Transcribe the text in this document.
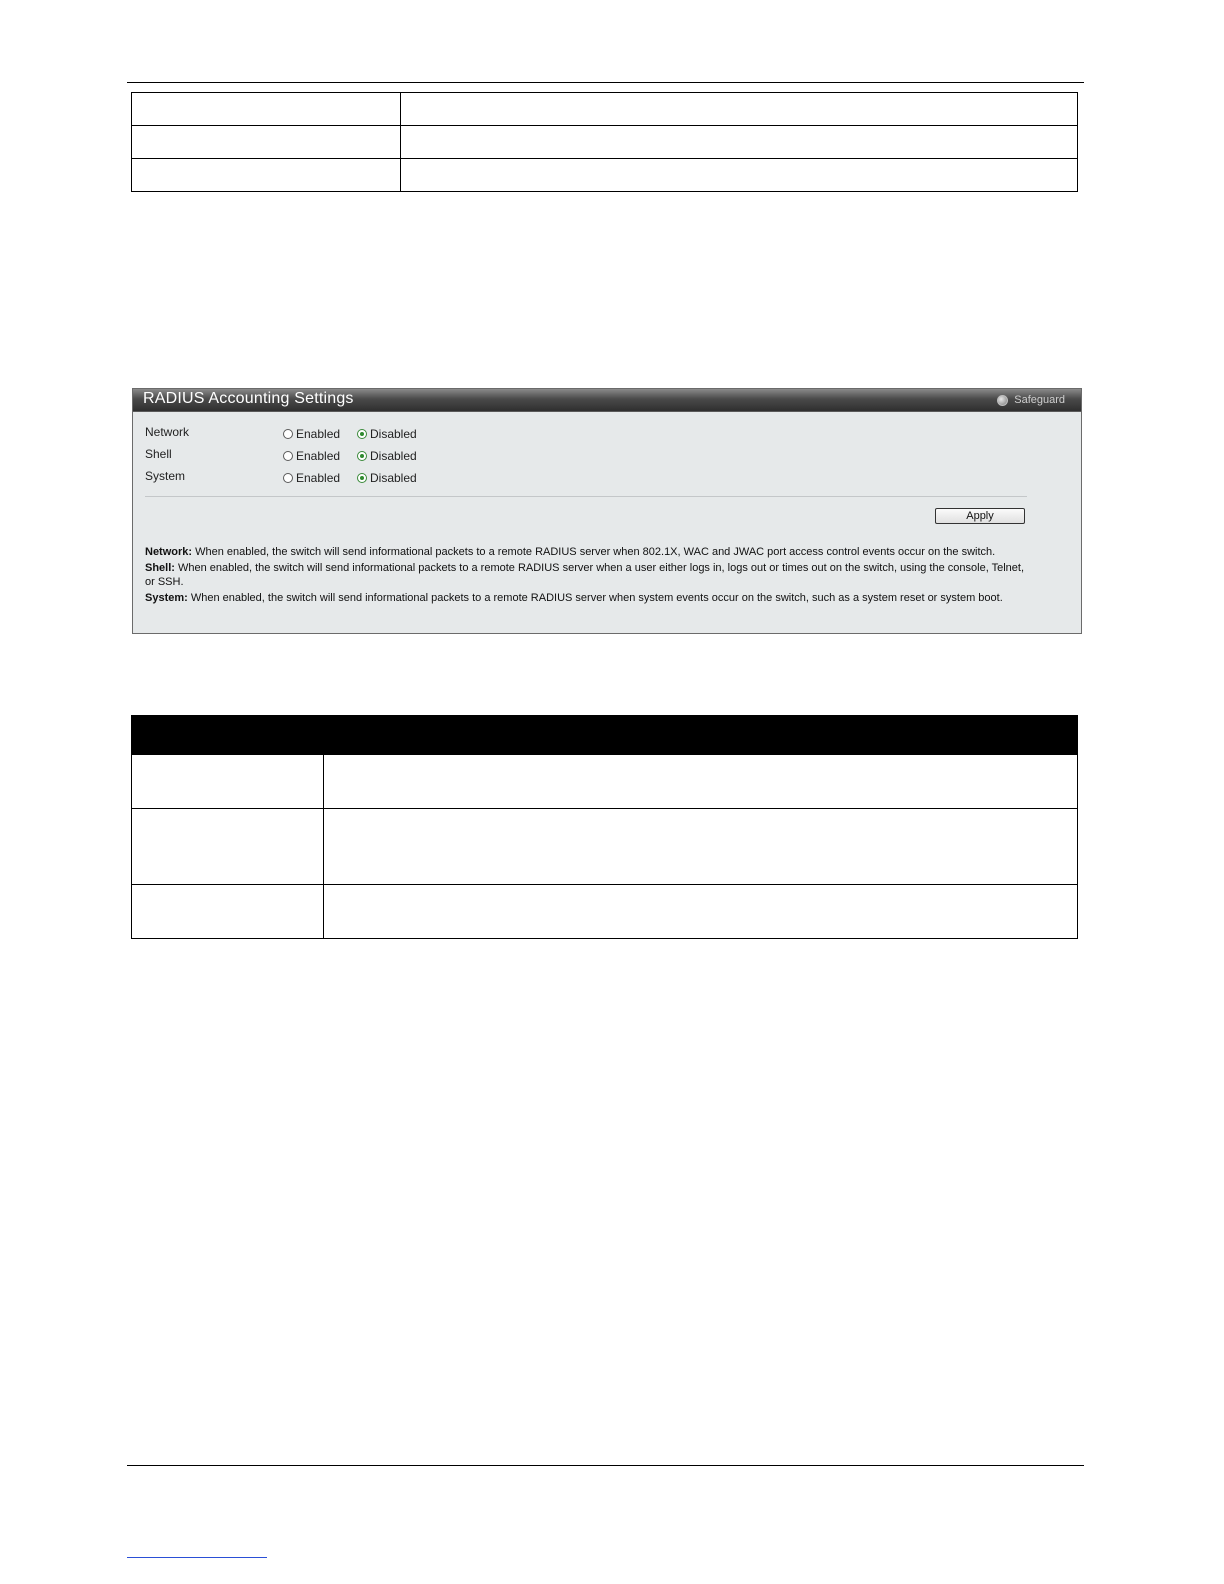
RADIUS Accounting Settings	Safeguard
Network	Enabled Disabled
Shell	Enabled Disabled
System	Enabled Disabled
Apply

Network: When enabled, the switch will send informational packets to a remote RADIUS server when 802.1X, WAC and JWAC port access control events occur on the switch.

Shell: When enabled, the switch will send informational packets to a remote RADIUS server when a user either logs in, logs out or times out on the switch, using the console, Telnet, or SSH.

System: When enabled, the switch will send informational packets to a remote RADIUS server when system events occur on the switch, such as a system reset or system boot.
